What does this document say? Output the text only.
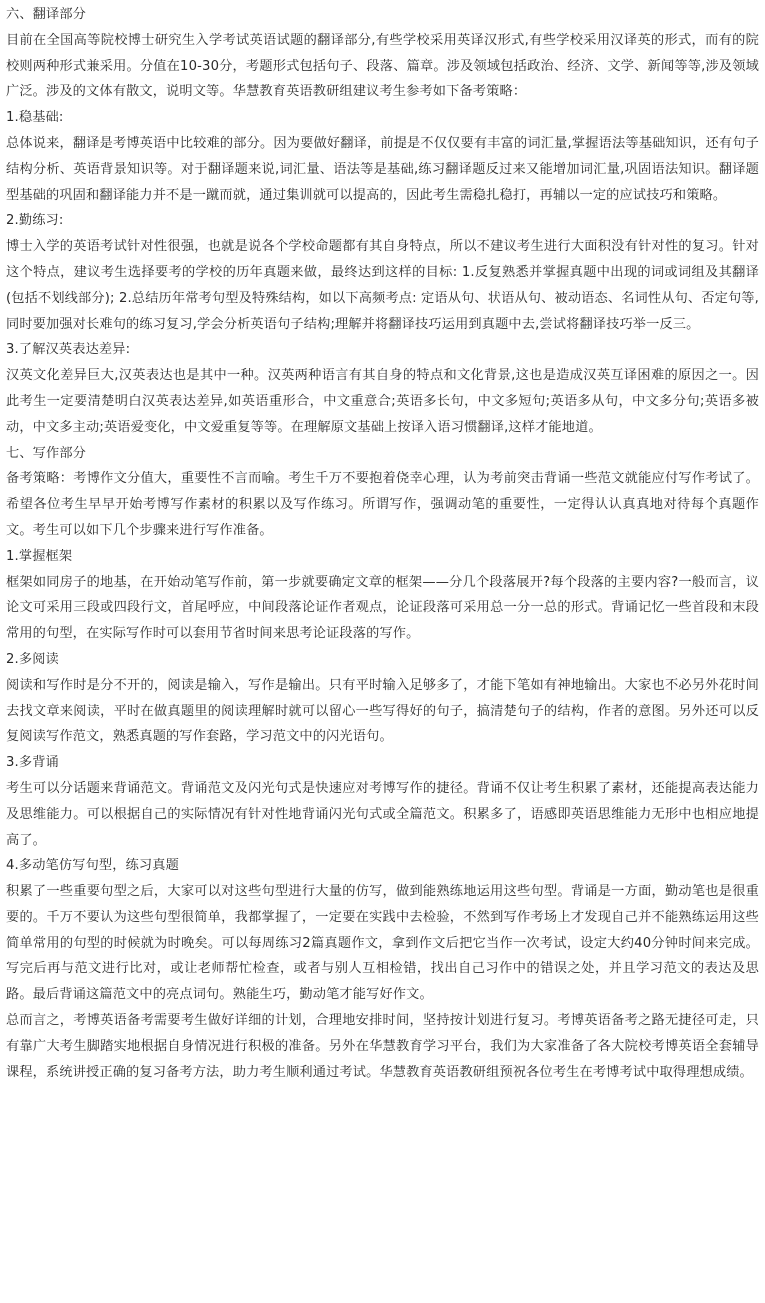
六、翻译部分

目前在全国高等院校博士研究生入学考试英语试题的翻译部分,有些学校采用英译汉形式,有些学校采用汉译英的形式，而有的院校则两种形式兼采用。分值在10-30分，考题形式包括句子、段落、篇章。涉及领域包括政治、经济、文学、新闻等等,涉及领域广泛。涉及的文体有散文，说明文等。华慧教育英语教研组建议考生参考如下备考策略：

1.稳基础:

总体说来，翻译是考博英语中比较难的部分。因为要做好翻译，前提是不仅仅要有丰富的词汇量,掌握语法等基础知识，还有句子结构分析、英语背景知识等。对于翻译题来说,词汇量、语法等是基础,练习翻译题反过来又能增加词汇量,巩固语法知识。翻译题型基础的巩固和翻译能力并不是一蹴而就，通过集训就可以提高的，因此考生需稳扎稳打，再辅以一定的应试技巧和策略。

2.勤练习:

博士入学的英语考试针对性很强，也就是说各个学校命题都有其自身特点，所以不建议考生进行大面积没有针对性的复习。针对这个特点，建议考生选择要考的学校的历年真题来做，最终达到这样的目标: 1.反复熟悉并掌握真题中出现的词或词组及其翻译(包括不划线部分); 2.总结历年常考句型及特殊结构，如以下高频考点: 定语从句、状语从句、被动语态、名词性从句、否定句等,同时要加强对长难句的练习复习,学会分析英语句子结构;理解并将翻译技巧运用到真题中去,尝试将翻译技巧举一反三。

3.了解汉英表达差异:

汉英文化差异巨大,汉英表达也是其中一种。汉英两种语言有其自身的特点和文化背景,这也是造成汉英互译困难的原因之一。因此考生一定要清楚明白汉英表达差异,如英语重形合，中文重意合;英语多长句，中文多短句;英语多从句，中文多分句;英语多被动，中文多主动;英语爱变化，中文爱重复等等。在理解原文基础上按译入语习惯翻译,这样才能地道。

七、写作部分

备考策略：考博作文分值大，重要性不言而喻。考生千万不要抱着侥幸心理，认为考前突击背诵一些范文就能应付写作考试了。 希望各位考生早早开始考博写作素材的积累以及写作练习。所谓写作，强调动笔的重要性，一定得认认真真地对待每个真题作文。考生可以如下几个步骤来进行写作准备。

1.掌握框架

框架如同房子的地基，在开始动笔写作前，第一步就要确定文章的框架——分几个段落展开?每个段落的主要内容?一般而言，议论文可采用三段或四段行文，首尾呼应，中间段落论证作者观点，论证段落可采用总一分一总的形式。背诵记忆一些首段和末段常用的句型，在实际写作时可以套用节省时间来思考论证段落的写作。

2.多阅读

阅读和写作时是分不开的，阅读是输入，写作是输出。只有平时输入足够多了，才能下笔如有神地输出。大家也不必另外花时间去找文章来阅读，平时在做真题里的阅读理解时就可以留心一些写得好的句子，搞清楚句子的结构，作者的意图。另外还可以反复阅读写作范文，熟悉真题的写作套路，学习范文中的闪光语句。

3.多背诵

考生可以分话题来背诵范文。背诵范文及闪光句式是快速应对考博写作的捷径。背诵不仅让考生积累了素材，还能提高表达能力及思维能力。可以根据自己的实际情况有针对性地背诵闪光句式或全篇范文。积累多了，语感即英语思维能力无形中也相应地提高了。

4.多动笔仿写句型，练习真题

积累了一些重要句型之后，大家可以对这些句型进行大量的仿写，做到能熟练地运用这些句型。背诵是一方面，勤动笔也是很重要的。千万不要认为这些句型很简单，我都掌握了，一定要在实践中去检验，不然到写作考场上才发现自己并不能熟练运用这些简单常用的句型的时候就为时晚矣。可以每周练习2篇真题作文，拿到作文后把它当作一次考试，设定大约40分钟时间来完成。写完后再与范文进行比对，或让老师帮忙检查，或者与别人互相检错，找出自己习作中的错误之处，并且学习范文的表达及思路。最后背诵这篇范文中的亮点词句。熟能生巧，勤动笔才能写好作文。

总而言之，考博英语备考需要考生做好详细的计划，合理地安排时间，坚持按计划进行复习。考博英语备考之路无捷径可走，只有靠广大考生脚踏实地根据自身情况进行积极的准备。另外在华慧教育学习平台，我们为大家准备了各大院校考博英语全套辅导课程，系统讲授正确的复习备考方法，助力考生顺利通过考试。华慧教育英语教研组预祝各位考生在考博考试中取得理想成绩。
